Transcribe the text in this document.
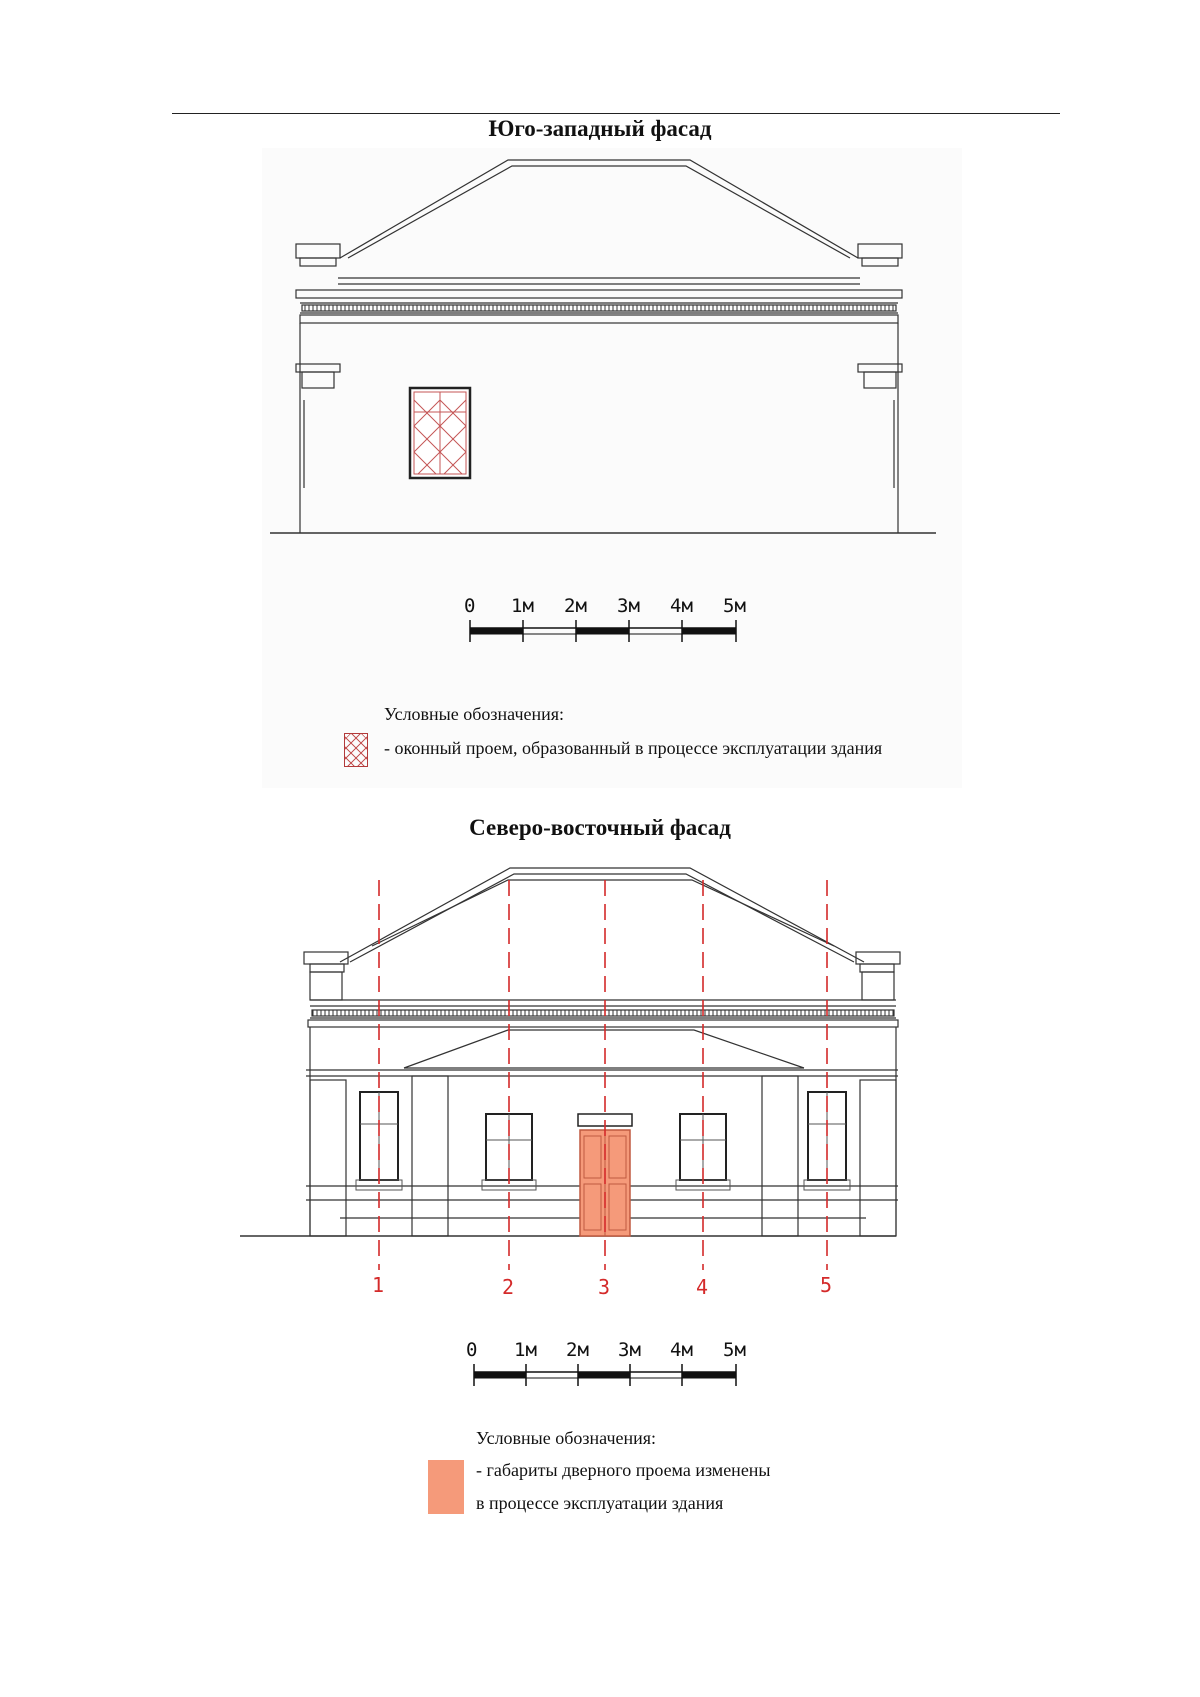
Юго-западный фасад
0 1м 2м 3м 4м 5м
1	2	3	4	5
0 1м 2м 3м 4м 5м
Условные обозначения:
- оконный проем, образованный в процессе эксплуатации здания
Северо-восточный фасад
Условные обозначения:
- габариты дверного проема изменены
в процессе эксплуатации здания
